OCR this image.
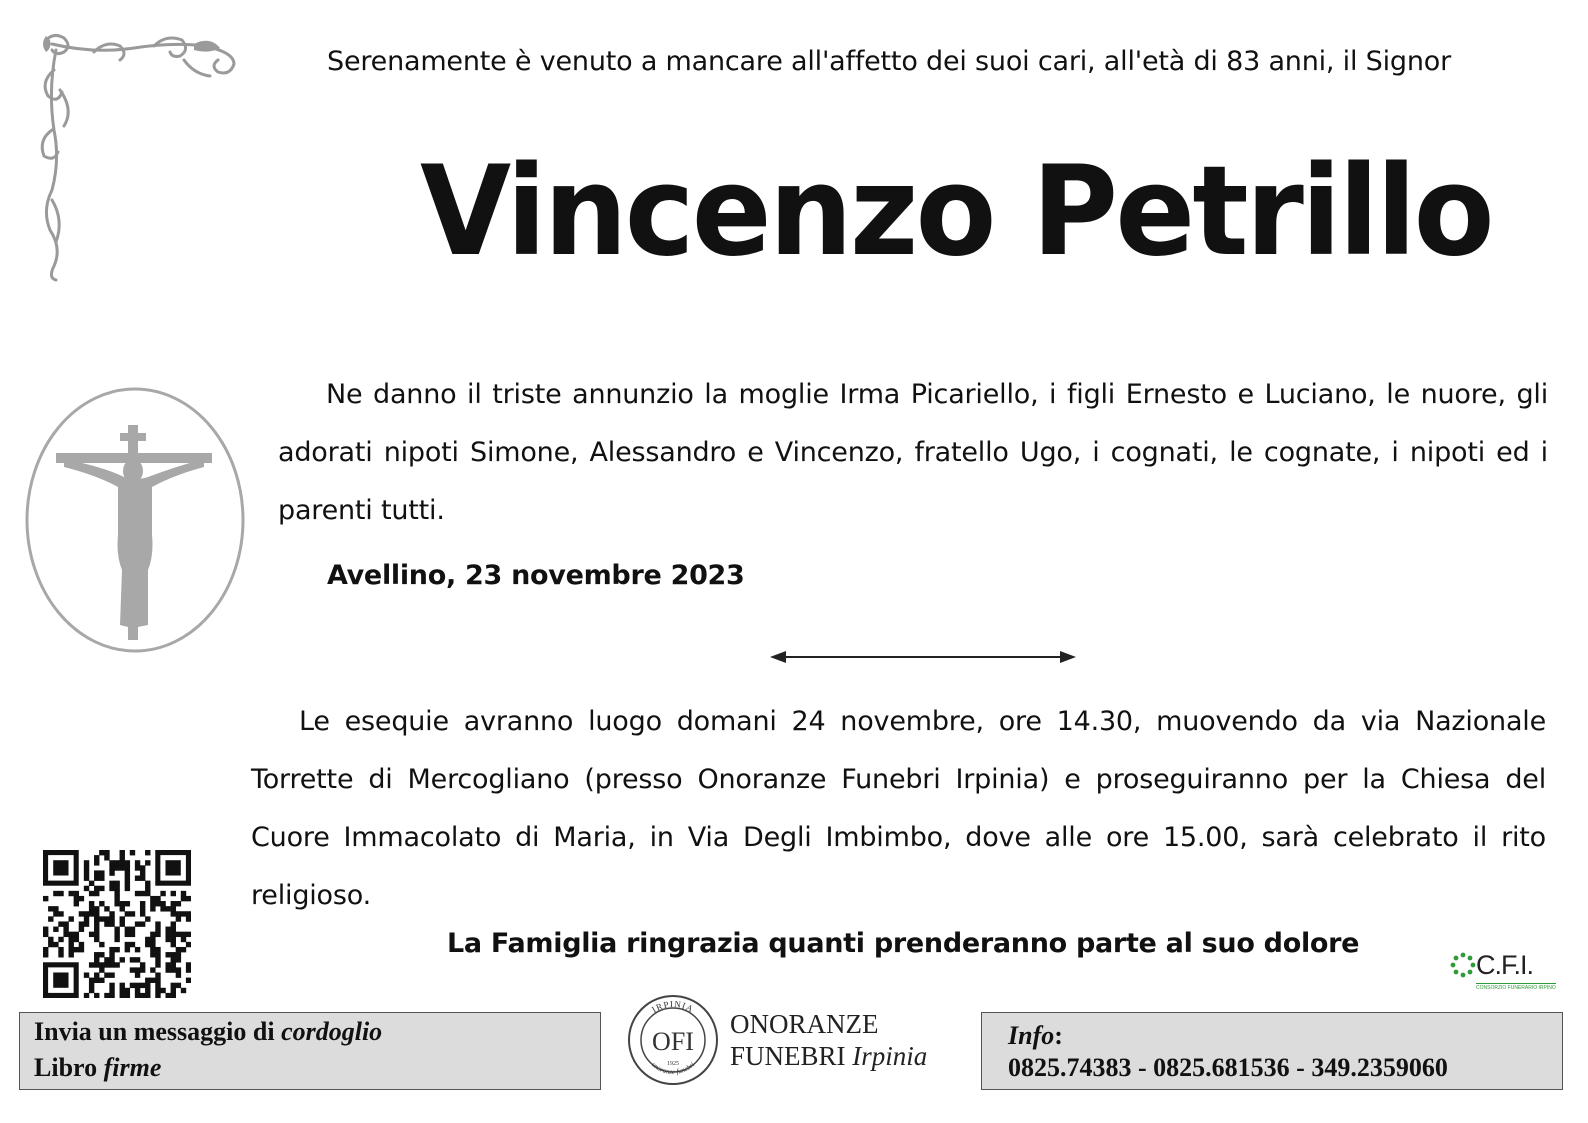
Serenamente è venuto a mancare all'affetto dei suoi cari, all'età di 83 anni, il Signor
Vincenzo Petrillo
Ne danno il triste annunzio la moglie Irma Picariello, i figli Ernesto e Luciano, le nuore, gli adorati nipoti Simone, Alessandro e Vincenzo, fratello Ugo, i cognati, le cognate, i nipoti ed i parenti tutti.
Avellino, 23 novembre 2023
Le esequie avranno luogo domani 24 novembre, ore 14.30, muovendo da via Nazionale Torrette di Mercogliano (presso Onoranze Funebri Irpinia) e proseguiranno per la Chiesa del Cuore Immacolato di Maria, in Via Degli Imbimbo, dove alle ore 15.00, sarà celebrato il rito religioso.
La Famiglia ringrazia quanti prenderanno parte al suo dolore
C.F.I.
CONSORZIO FUNERARIO IRPINO
Invia un messaggio di cordoglio
Libro firme
IRPINIA
onoranze funebri
OFI
1925
ONORANZE
FUNEBRI Irpinia
Info:
0825.74383 - 0825.681536 - 349.2359060
